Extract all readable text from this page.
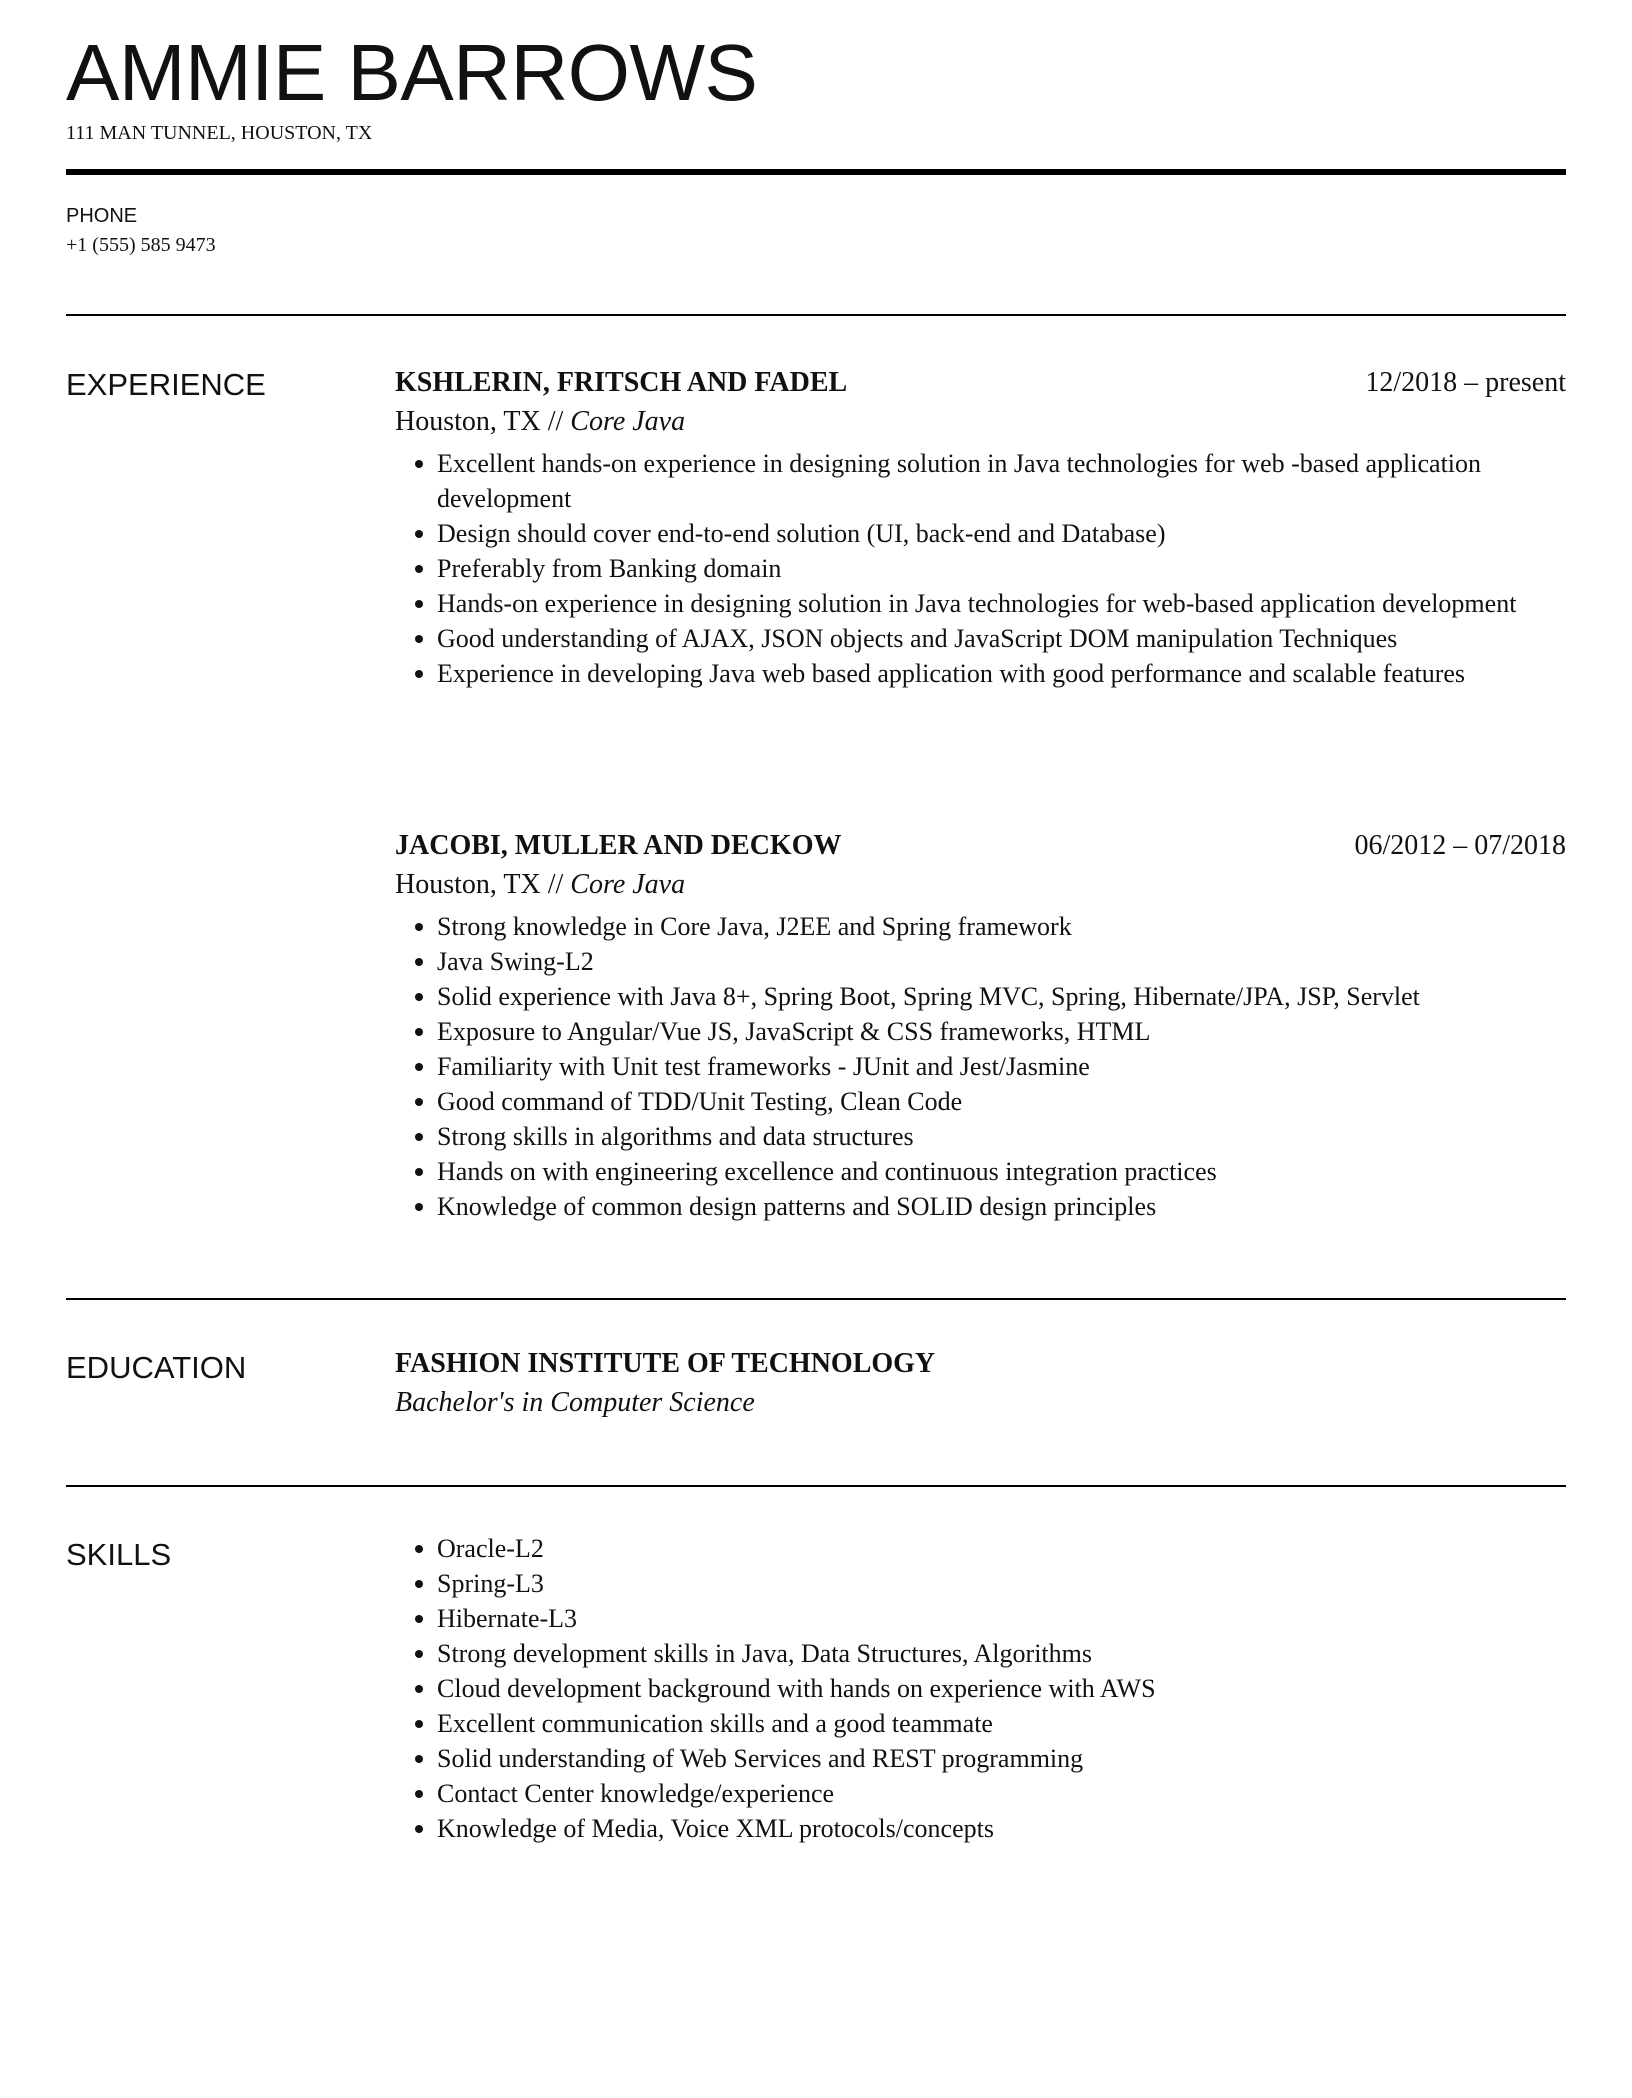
AMMIE BARROWS
111 MAN TUNNEL, HOUSTON, TX
PHONE
+1 (555) 585 9473
EXPERIENCE	KSHLERIN, FRITSCH AND FADEL	12/2018 – present
Houston, TX // Core Java
Excellent hands-on experience in designing solution in Java technologies for web -based application development
Design should cover end-to-end solution (UI, back-end and Database)
Preferably from Banking domain
Hands-on experience in designing solution in Java technologies for web-based application development
Good understanding of AJAX, JSON objects and JavaScript DOM manipulation Techniques
Experience in developing Java web based application with good performance and scalable features
JACOBI, MULLER AND DECKOW	06/2012 – 07/2018
Houston, TX // Core Java
Strong knowledge in Core Java, J2EE and Spring framework
Java Swing-L2
Solid experience with Java 8+, Spring Boot, Spring MVC, Spring, Hibernate/JPA, JSP, Servlet
Exposure to Angular/Vue JS, JavaScript & CSS frameworks, HTML
Familiarity with Unit test frameworks - JUnit and Jest/Jasmine
Good command of TDD/Unit Testing, Clean Code
Strong skills in algorithms and data structures
Hands on with engineering excellence and continuous integration practices
Knowledge of common design patterns and SOLID design principles
EDUCATION	FASHION INSTITUTE OF TECHNOLOGY
Bachelor's in Computer Science
SKILLS	Oracle-L2
Spring-L3
Hibernate-L3
Strong development skills in Java, Data Structures, Algorithms
Cloud development background with hands on experience with AWS
Excellent communication skills and a good teammate
Solid understanding of Web Services and REST programming
Contact Center knowledge/experience
Knowledge of Media, Voice XML protocols/concepts
